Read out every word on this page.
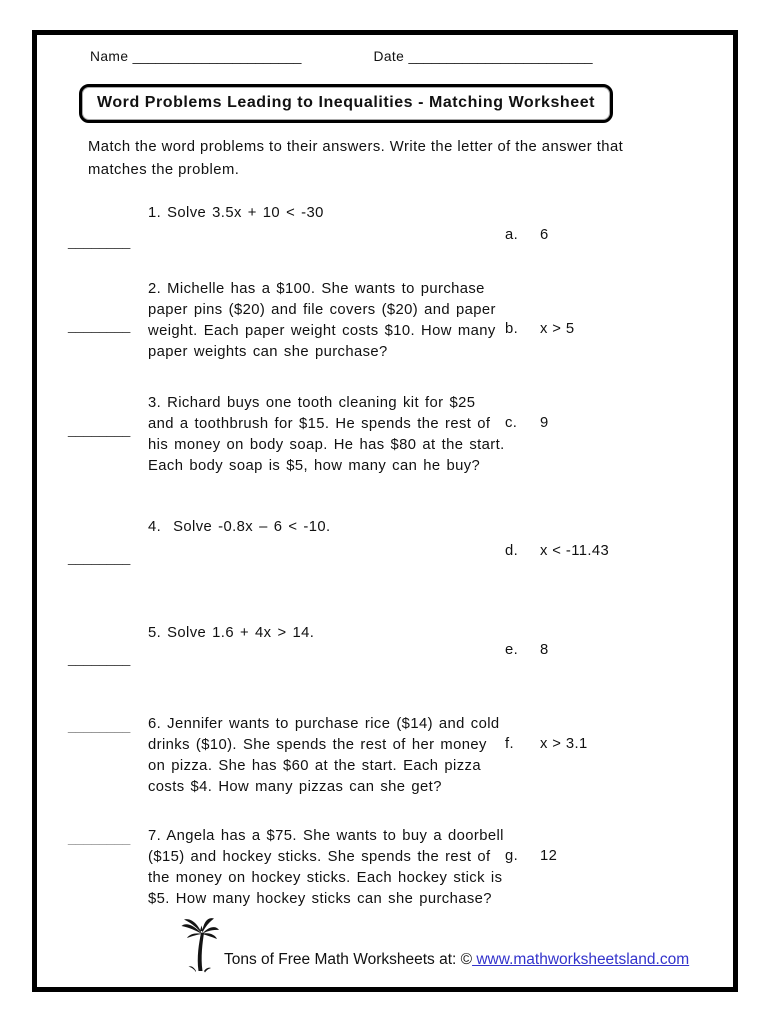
Name
______________________	Date
________________________
Word Problems Leading to Inequalities - Matching Worksheet
Match the word problems to their answers. Write the letter of the answer that matches the problem.
________
1. Solve 3.5x + 10 < -30
a.	6
________
2. Michelle has a $100. She wants to purchase paper pins ($20) and file covers ($20) and paper weight. Each paper weight costs $10. How many paper weights can she purchase?
b.	x > 5
________
3. Richard buys one tooth cleaning kit for $25 and a toothbrush for $15. He spends the rest of his money on body soap. He has $80 at the start. Each body soap is $5, how many can he buy?
c.	9
________
4.  Solve -0.8x – 6 < -10.
d.	x < -11.43
________
5. Solve 1.6 + 4x > 14.
e.	8
________	6. Jennifer wants to purchase rice ($14) and cold drinks ($10). She spends the rest of her money on pizza. She has $60 at the start. Each pizza costs $4. How many pizzas can she get?
f.	x > 3.1
________	7. Angela has a $75. She wants to buy a doorbell ($15) and hockey sticks. She spends the rest of the money on hockey sticks. Each hockey stick is $5. How many hockey sticks can she purchase?
g.	12
Tons of Free Math Worksheets at: © www.mathworksheetsland.com
